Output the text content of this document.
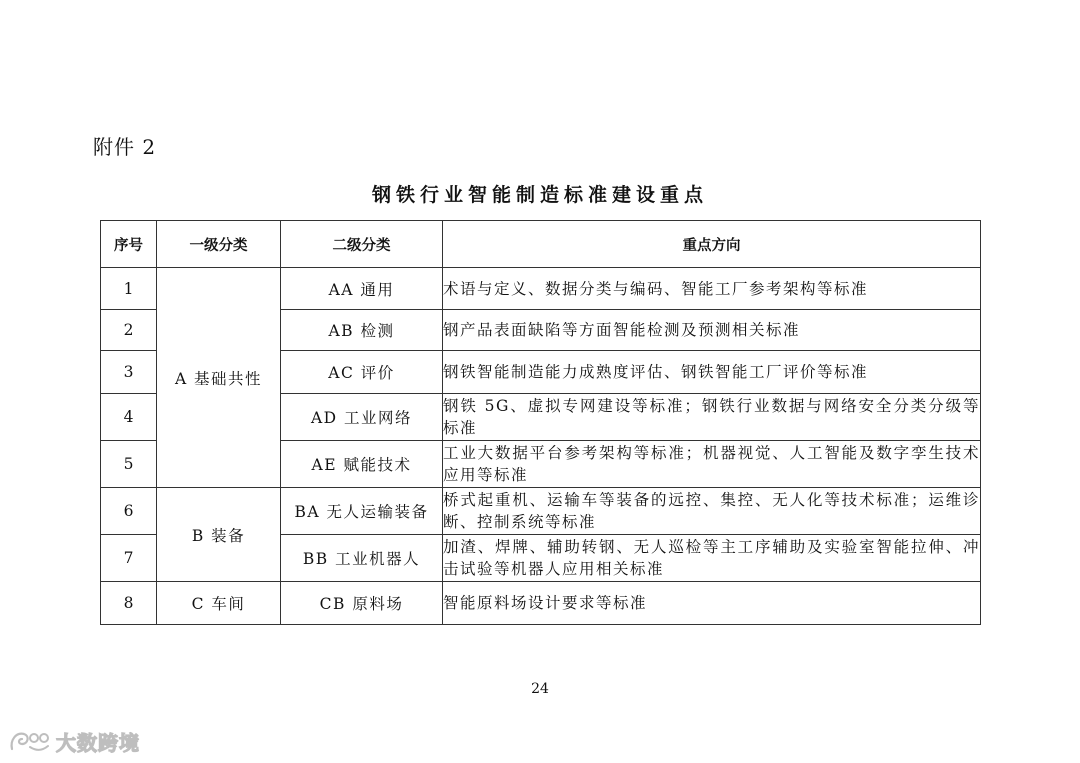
附件 2
钢铁行业智能制造标准建设重点
序号	一级分类	二级分类	重点方向
1	A 基础共性	AA 通用	术语与定义、数据分类与编码、智能工厂参考架构等标准
2		AB 检测	钢产品表面缺陷等方面智能检测及预测相关标准
3		AC 评价	钢铁智能制造能力成熟度评估、钢铁智能工厂评价等标准
4		AD 工业网络	钢铁 5G、虚拟专网建设等标准；钢铁行业数据与网络安全分类分级等标准
5		AE 赋能技术	工业大数据平台参考架构等标准；机器视觉、人工智能及数字孪生技术应用等标准
6	B 装备	BA 无人运输装备	桥式起重机、运输车等装备的远控、集控、无人化等技术标准；运维诊断、控制系统等标准
7		BB 工业机器人	加渣、焊牌、辅助转钢、无人巡检等主工序辅助及实验室智能拉伸、冲击试验等机器人应用相关标准
8	C 车间	CB 原料场	智能原料场设计要求等标准
24
大数跨境
